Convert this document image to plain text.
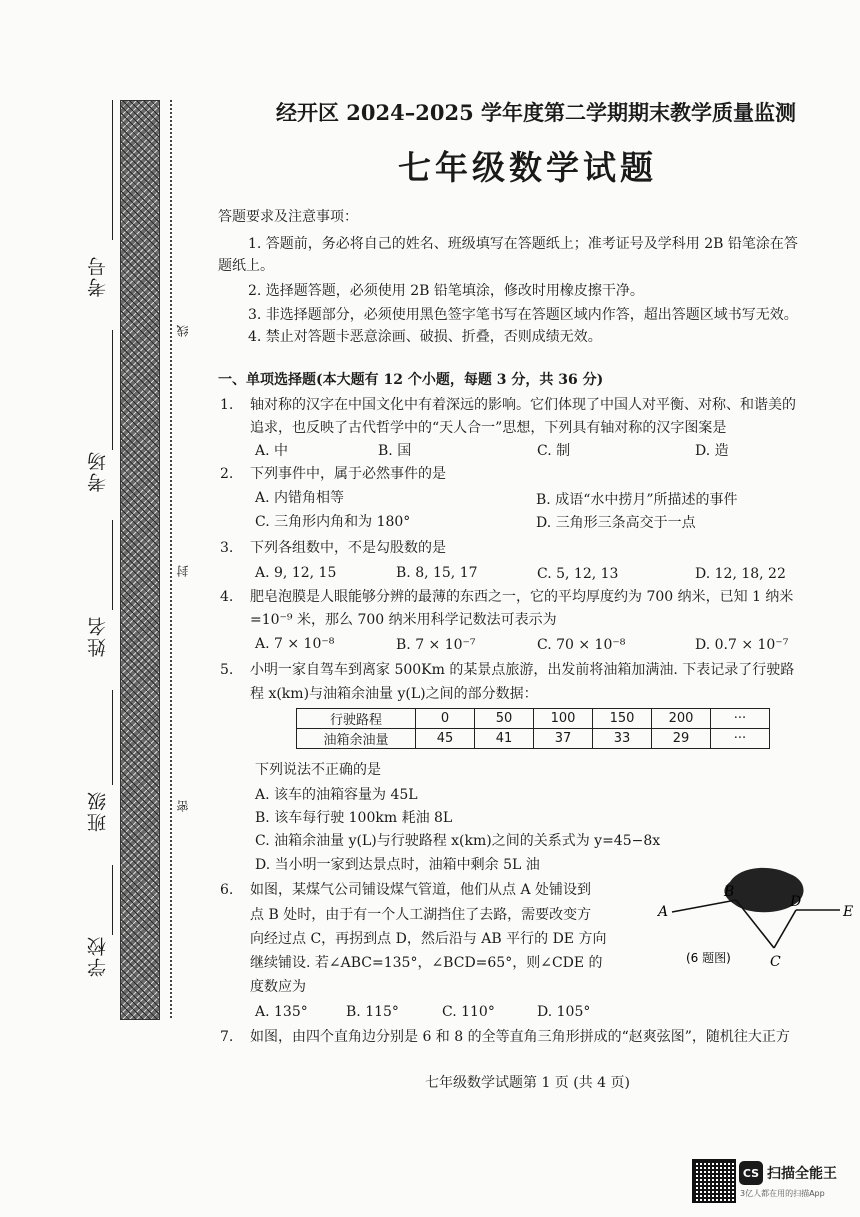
考号
考场
姓名
班级
学校
线
封
密
经开区 2024–2025 学年度第二学期期末教学质量监测
七年级数学试题
答题要求及注意事项：
1. 答题前，务必将自己的姓名、班级填写在答题纸上；准考证号及学科用 2B 铅笔涂在答
题纸上。
2. 选择题答题，必须使用 2B 铅笔填涂，修改时用橡皮擦干净。
3. 非选择题部分，必须使用黑色签字笔书写在答题区域内作答，超出答题区域书写无效。
4. 禁止对答题卡恶意涂画、破损、折叠，否则成绩无效。
一、单项选择题(本大题有 12 个小题，每题 3 分，共 36 分)
1. 轴对称的汉字在中国文化中有着深远的影响。它们体现了中国人对平衡、对称、和谐美的
追求，也反映了古代哲学中的“天人合一”思想，下列具有轴对称的汉字图案是
A. 中	B. 国	C. 制	D. 造
2. 下列事件中，属于必然事件的是
A. 内错角相等	B. 成语“水中捞月”所描述的事件
C. 三角形内角和为 180°	D. 三角形三条高交于一点
3. 下列各组数中，不是勾股数的是
A. 9, 12, 15	B. 8, 15, 17	C. 5, 12, 13	D. 12, 18, 22
4. 肥皂泡膜是人眼能够分辨的最薄的东西之一，它的平均厚度约为 700 纳米，已知 1 纳米
=10⁻⁹ 米，那么 700 纳米用科学记数法可表示为
A. 7 × 10⁻⁸	B. 7 × 10⁻⁷	C. 70 × 10⁻⁸	D. 0.7 × 10⁻⁷
5. 小明一家自驾车到离家 500Km 的某景点旅游，出发前将油箱加满油. 下表记录了行驶路
程 x(km)与油箱余油量 y(L)之间的部分数据：
行驶路程	0	50	100	150	200	···
油箱余油量	45	41	37	33	29	···
下列说法不正确的是
A. 该车的油箱容量为 45L
B. 该车每行驶 100km 耗油 8L
C. 油箱余油量 y(L)与行驶路程 x(km)之间的关系式为 y=45−8x
D. 当小明一家到达景点时，油箱中剩余 5L 油
6. 如图，某煤气公司铺设煤气管道，他们从点 A 处铺设到
点 B 处时，由于有一个人工湖挡住了去路，需要改变方
向经过点 C，再拐到点 D，然后沿与 AB 平行的 DE 方向
继续铺设. 若∠ABC=135°，∠BCD=65°，则∠CDE 的
度数应为
A. 135°	B. 115°	C. 110°	D. 105°
A
B
C
D
E
(6 题图)
7. 如图，由四个直角边分别是 6 和 8 的全等直角三角形拼成的“赵爽弦图”，随机往大正方
七年级数学试题第 1 页 (共 4 页)
CS 扫描全能王
3亿人都在用的扫描App
